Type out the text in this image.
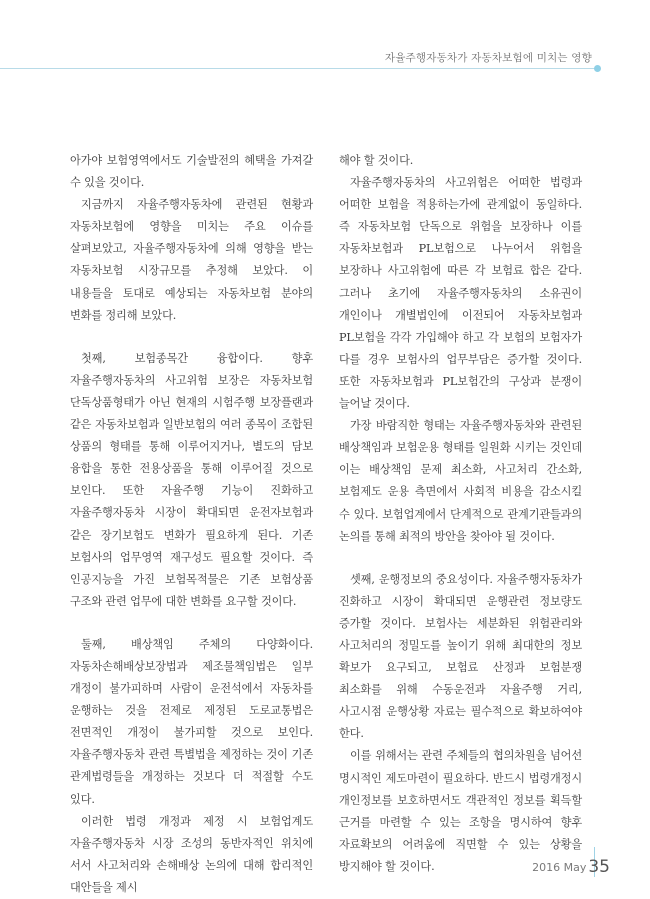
자율주행자동차가 자동차보험에 미치는 영향

아가야 보험영역에서도 기술발전의 혜택을 가져갈 수 있을 것이다.

지금까지 자율주행자동차에 관련된 현황과 자동차보험에 영향을 미치는 주요 이슈를 살펴보았고, 자율주행자동차에 의해 영향을 받는 자동차보험 시장규모를 추정해 보았다. 이 내용들을 토대로 예상되는 자동차보험 분야의 변화를 정리해 보았다.

첫째, 보험종목간 융합이다. 향후 자율주행자동차의 사고위험 보장은 자동차보험 단독상품형태가 아닌 현재의 시험주행 보장플랜과 같은 자동차보험과 일반보험의 여러 종목이 조합된 상품의 형태를 통해 이루어지거나, 별도의 담보 융합을 통한 전용상품을 통해 이루어질 것으로 보인다. 또한 자율주행 기능이 진화하고 자율주행자동차 시장이 확대되면 운전자보험과 같은 장기보험도 변화가 필요하게 된다. 기존 보험사의 업무영역 재구성도 필요할 것이다. 즉 인공지능을 가진 보험목적물은 기존 보험상품 구조와 관련 업무에 대한 변화를 요구할 것이다.

둘째, 배상책임 주체의 다양화이다. 자동차손해배상보장법과 제조물책임법은 일부 개정이 불가피하며 사람이 운전석에서 자동차를 운행하는 것을 전제로 제정된 도로교통법은 전면적인 개정이 불가피할 것으로 보인다. 자율주행자동차 관련 특별법을 제정하는 것이 기존 관계법령들을 개정하는 것보다 더 적절할 수도 있다.

이러한 법령 개정과 제정 시 보험업계도 자율주행자동차 시장 조성의 동반자적인 위치에 서서 사고처리와 손해배상 논의에 대해 합리적인 대안들을 제시

해야 할 것이다.

자율주행자동차의 사고위험은 어떠한 법령과 어떠한 보험을 적용하는가에 관계없이 동일하다. 즉 자동차보험 단독으로 위험을 보장하나 이를 자동차보험과 PL보험으로 나누어서 위험을 보장하나 사고위험에 따른 각 보험료 합은 같다. 그러나 초기에 자율주행자동차의 소유권이 개인이나 개별법인에 이전되어 자동차보험과 PL보험을 각각 가입해야 하고 각 보험의 보험자가 다를 경우 보험사의 업무부담은 증가할 것이다. 또한 자동차보험과 PL보험간의 구상과 분쟁이 늘어날 것이다.

가장 바람직한 형태는 자율주행자동차와 관련된 배상책임과 보험운용 형태를 일원화 시키는 것인데 이는 배상책임 문제 최소화, 사고처리 간소화, 보험제도 운용 측면에서 사회적 비용을 감소시킬 수 있다. 보험업계에서 단계적으로 관계기관들과의 논의를 통해 최적의 방안을 찾아야 될 것이다.

셋째, 운행정보의 중요성이다. 자율주행자동차가 진화하고 시장이 확대되면 운행관련 정보량도 증가할 것이다. 보험사는 세분화된 위험관리와 사고처리의 정밀도를 높이기 위해 최대한의 정보 확보가 요구되고, 보험료 산정과 보험분쟁 최소화를 위해 수동운전과 자율주행 거리, 사고시점 운행상황 자료는 필수적으로 확보하여야 한다.

이를 위해서는 관련 주체들의 협의차원을 넘어선 명시적인 제도마련이 필요하다. 반드시 법령개정시 개인정보를 보호하면서도 객관적인 정보를 획득할 근거를 마련할 수 있는 조항을 명시하여 향후 자료확보의 어려움에 직면할 수 있는 상황을 방지해야 할 것이다.	2016 May 35
